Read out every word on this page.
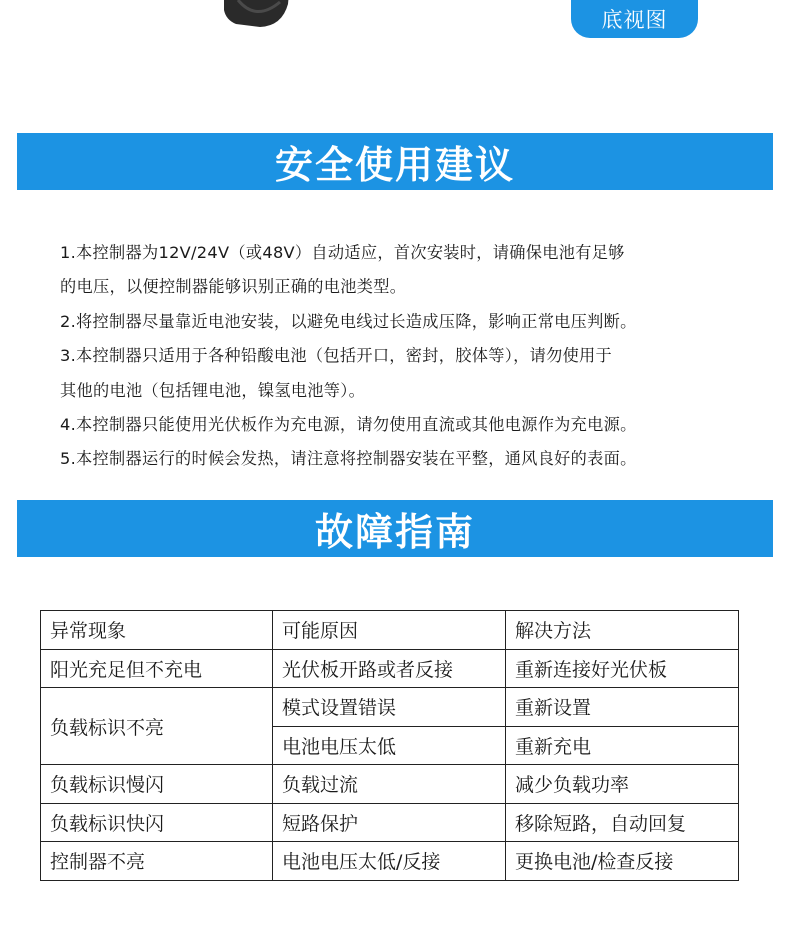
底视图
安全使用建议

1.本控制器为12V/24V（或48V）自动适应，首次安装时，请确保电池有足够

的电压，以便控制器能够识别正确的电池类型。

2.将控制器尽量靠近电池安装，以避免电线过长造成压降，影响正常电压判断。

3.本控制器只适用于各种铅酸电池（包括开口，密封，胶体等），请勿使用于

其他的电池（包括锂电池，镍氢电池等）。

4.本控制器只能使用光伏板作为充电源，请勿使用直流或其他电源作为充电源。

5.本控制器运行的时候会发热，请注意将控制器安装在平整，通风良好的表面。

故障指南
异常现象	可能原因	解决方法
阳光充足但不充电	光伏板开路或者反接	重新连接好光伏板
负载标识不亮	模式设置错误	重新设置
	电池电压太低	重新充电
负载标识慢闪	负载过流	减少负载功率
负载标识快闪	短路保护	移除短路，自动回复
控制器不亮	电池电压太低/反接	更换电池/检查反接
